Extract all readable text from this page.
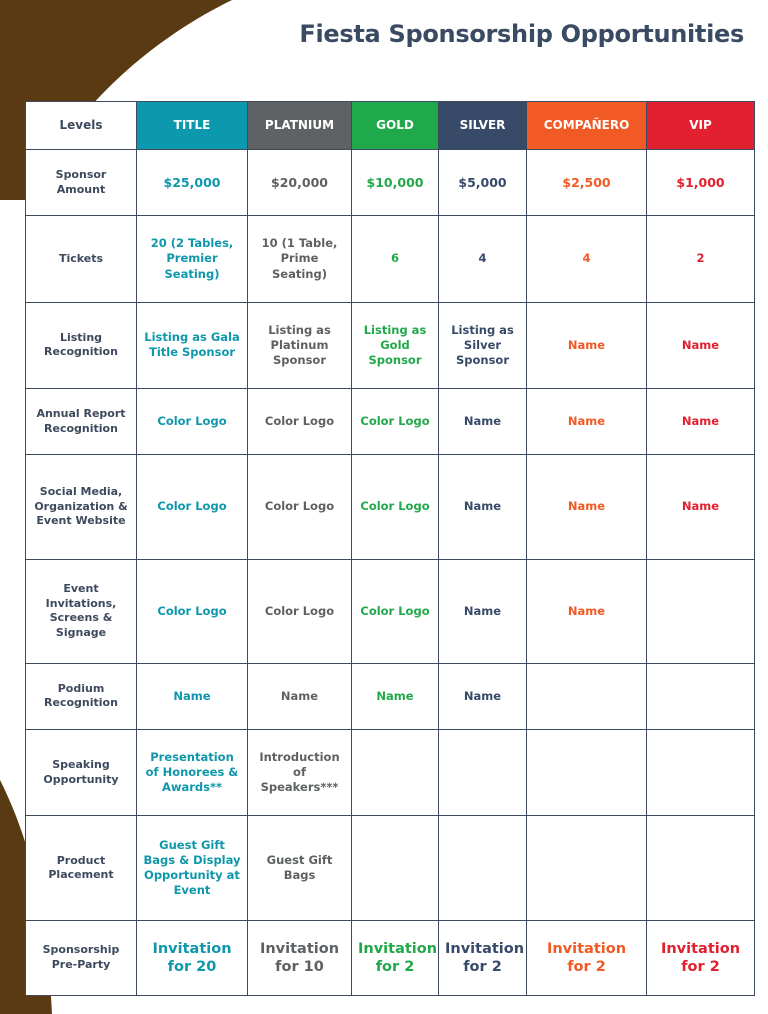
Fiesta Sponsorship Opportunities
Levels	TITLE	PLATNIUM	GOLD	SILVER	COMPAÑERO	VIP
Sponsor Amount	$25,000	$20,000	$10,000	$5,000	$2,500	$1,000
Tickets	20 (2 Tables, Premier Seating)	10 (1 Table, Prime Seating)	6	4	4	2
Listing Recognition	Listing as Gala Title Sponsor	Listing as Platinum Sponsor	Listing as Gold Sponsor	Listing as Silver Sponsor	Name	Name
Annual Report Recognition	Color Logo	Color Logo	Color Logo	Name	Name	Name
Social Media, Organization & Event Website	Color Logo	Color Logo	Color Logo	Name	Name	Name
Event Invitations, Screens & Signage	Color Logo	Color Logo	Color Logo	Name	Name	
Podium Recognition	Name	Name	Name	Name		
Speaking Opportunity	Presentation of Honorees & Awards**	Introduction of Speakers***				
Product Placement	Guest Gift Bags & Display Opportunity at Event	Guest Gift Bags				
Sponsorship Pre-Party	Invitation for 20	Invitation for 10	Invitation for 2	Invitation for 2	Invitation for 2	Invitation for 2
